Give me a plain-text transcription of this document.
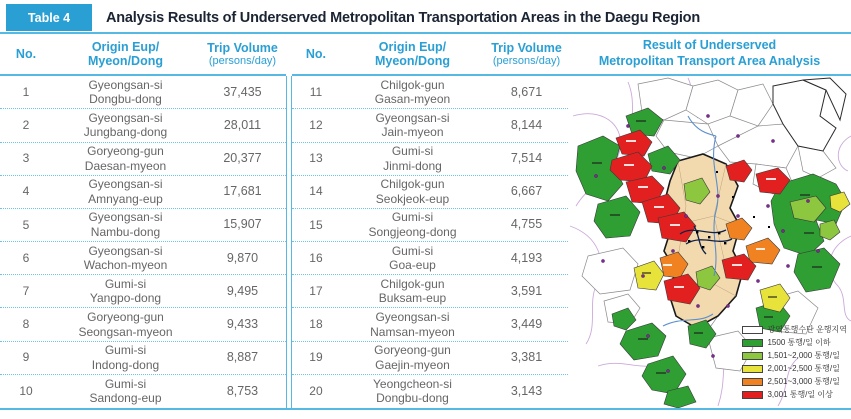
Table 4	Analysis Results of Underserved Metropolitan Transportation Areas in the Daegu Region
No.
Origin Eup/
Myeon/Dong
Trip Volume
(persons/day)
1
Gyeongsan-si
Dongbu-dong
37,435
2
Gyeongsan-si
Jungbang-dong
28,011
3
Goryeong-gun
Daesan-myeon
20,377
4
Gyeongsan-si
Amnyang-eup
17,681
5
Gyeongsan-si
Nambu-dong
15,907
6
Gyeongsan-si
Wachon-myeon
9,870
7
Gumi-si
Yangpo-dong
9,495
8
Goryeong-gun
Seongsan-myeon
9,433
9
Gumi-si
Indong-dong
8,887
10
Gumi-si
Sandong-eup
8,753
No.
Origin Eup/
Myeon/Dong
Trip Volume
(persons/day)
11
Chilgok-gun
Gasan-myeon
8,671
12
Gyeongsan-si
Jain-myeon
8,144
13
Gumi-si
Jinmi-dong
7,514
14
Chilgok-gun
Seokjeok-eup
6,667
15
Gumi-si
Songjeong-dong
4,755
16
Gumi-si
Goa-eup
4,193
17
Chilgok-gun
Buksam-eup
3,591
18
Gyeongsan-si
Namsan-myeon
3,449
19
Goryeong-gun
Gaejin-myeon
3,381
20
Yeongcheon-si
Dongbu-dong
3,143
Result of Underserved
Metropolitan Transport Area Analysis
광역통행수단 운행지역
1500 통행/일 이하
1,501~2,000 통행/일
2,001~2,500 통행/일
2,501~3,000 통행/일
3,001 통행/일 이상
